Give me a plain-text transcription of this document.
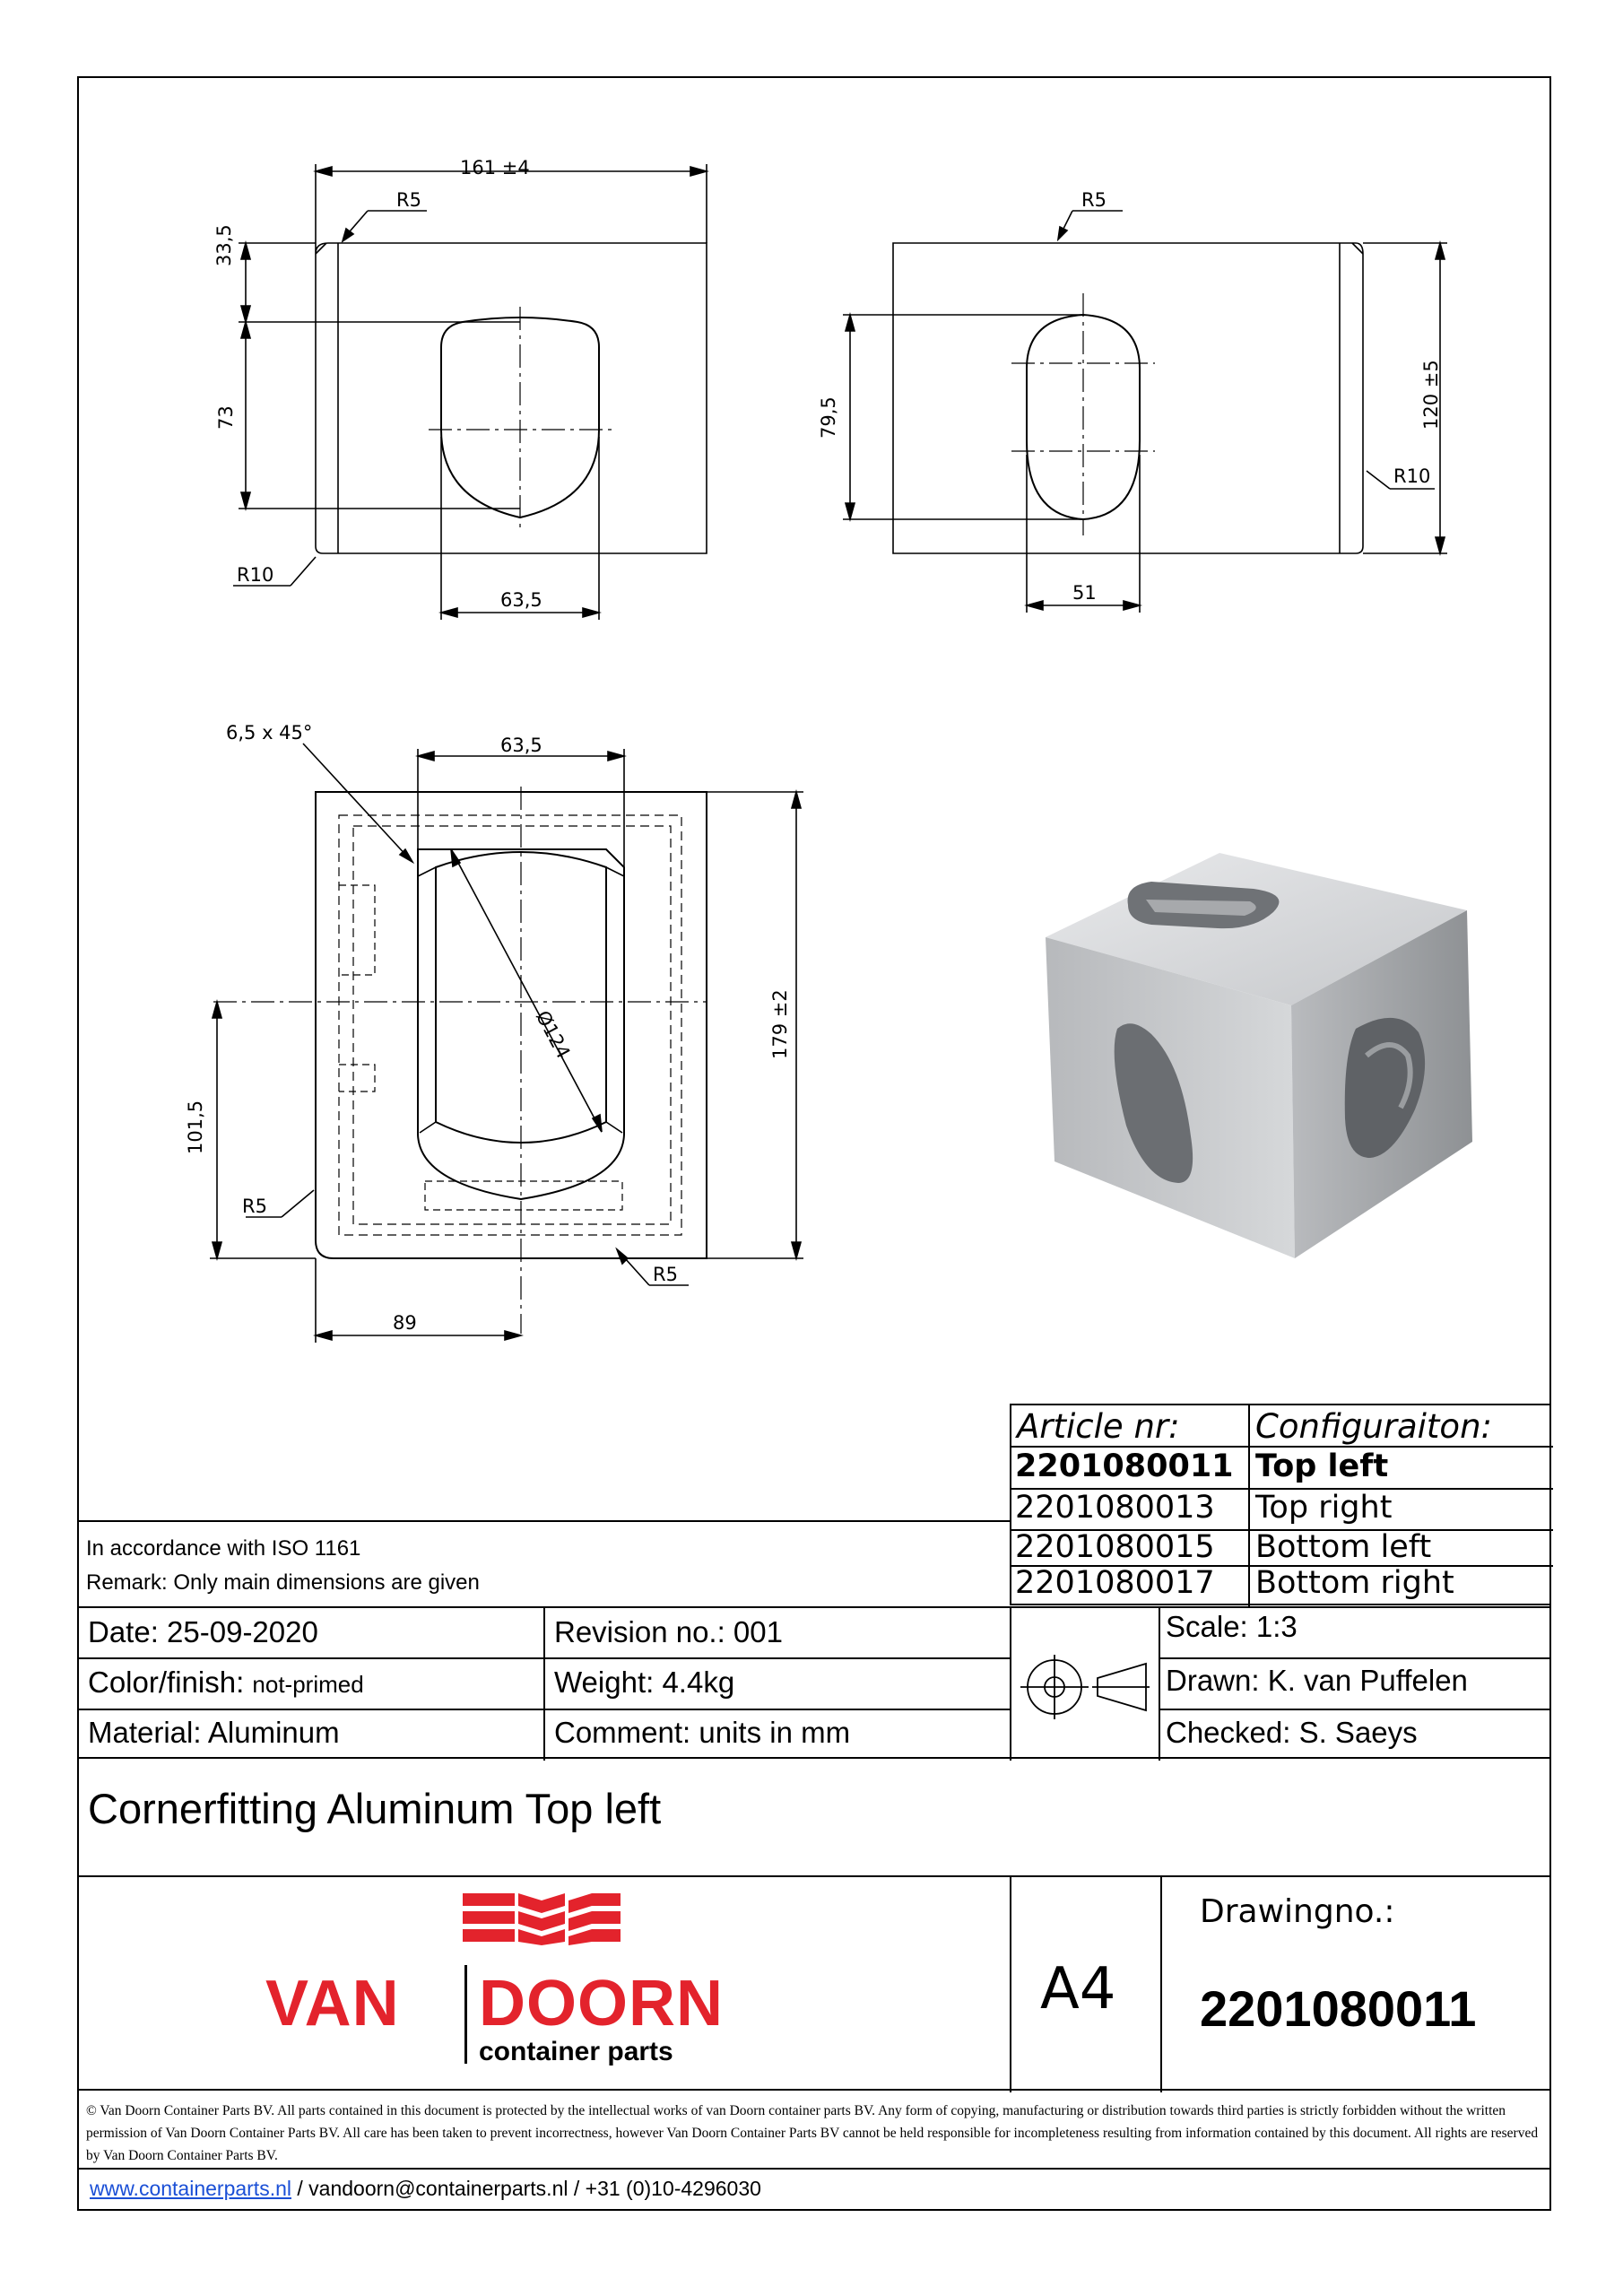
161 ±4
R5
33,5
73
63,5
R10
R5
120 ±5
79,5
51
R10
6,5 x 45°
63,5
Ø124	179 ±2
101,5
89
R5
R5
Article nr: Configuraiton:
2201080011 Top left
2201080013 Top right
2201080015 Bottom left
2201080017 Bottom right
In accordance with ISO 1161
Remark: Only main dimensions are given
Date: 25-09-2020
Color/finish: not-primed
Material: Aluminum
Revision no.: 001
Weight: 4.4kg
Comment: units in mm
Scale: 1:3
Drawn: K. van Puffelen
Checked: S. Saeys
Cornerfitting Aluminum Top left
VAN DOORN
container parts
A4
Drawingno.:
2201080011
© Van Doorn Container Parts BV. All parts contained in this document is protected by the intellectual works of van Doorn container parts BV. Any form of copying, manufacturing or distribution towards third parties is strictly forbidden without the written permission of Van Doorn Container Parts BV. All care has been taken to prevent incorrectness, however Van Doorn Container Parts BV cannot be held responsible for incompleteness resulting from information contained by this document. All rights are reserved by Van Doorn Container Parts BV.
www.containerparts.nl / vandoorn@containerparts.nl / +31 (0)10-4296030
